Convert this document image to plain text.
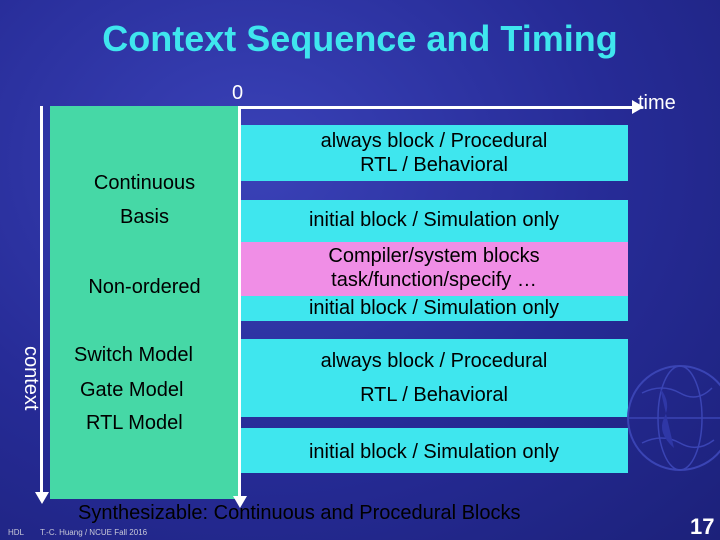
Context Sequence and Timing
0	time
Continuous
Basis
Non-ordered
Switch Model
Gate Model
RTL Model
always block / Procedural
RTL / Behavioral
initial block / Simulation only
Compiler/system blocks
task/function/specify …
initial block / Simulation only
always block / Procedural
RTL / Behavioral
initial block / Simulation only
context
Synthesizable: Continuous and Procedural Blocks
HDL T.-C. Huang / NCUE Fall 2016	17
